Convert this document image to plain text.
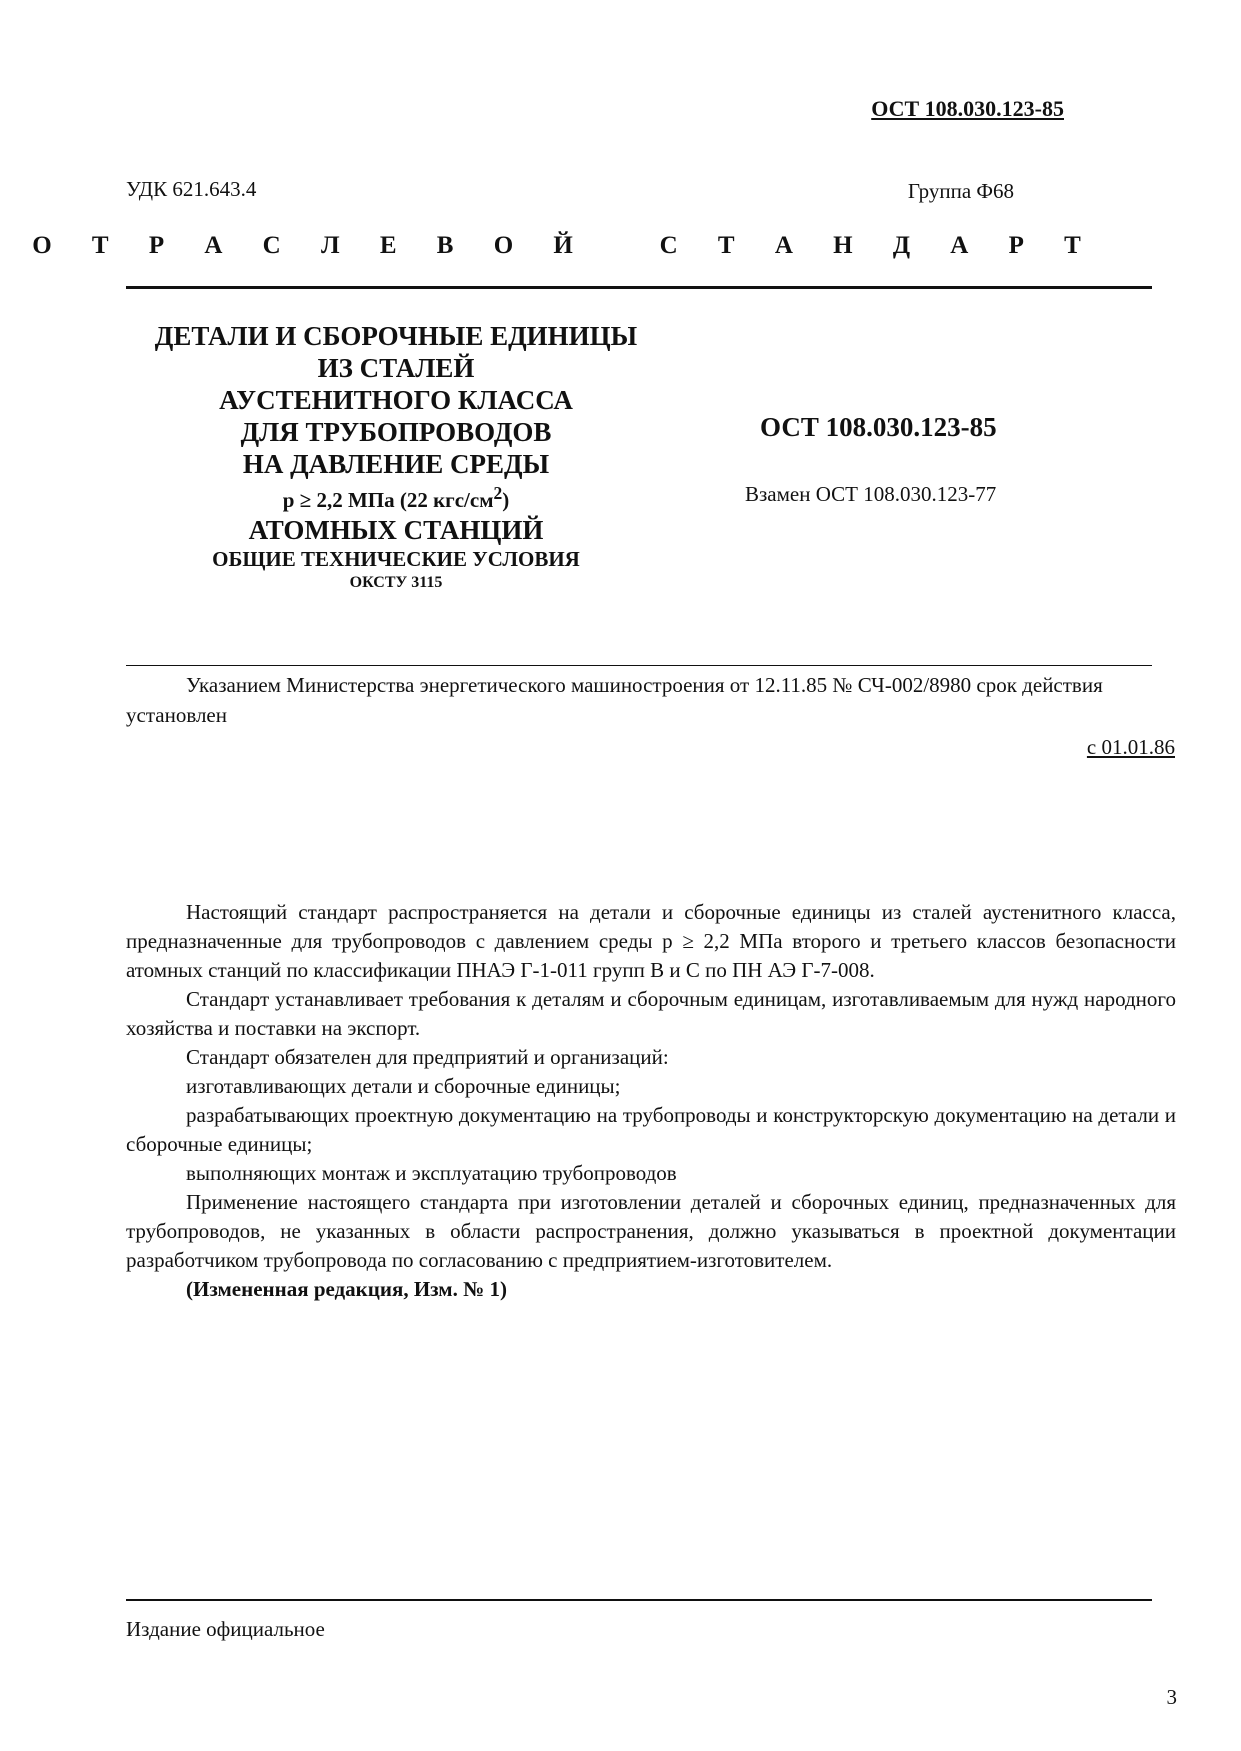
ОСТ 108.030.123-85
УДК 621.643.4	Группа Ф68
О Т Р А С Л Е В О Й   С Т А Н Д А Р Т
ДЕТАЛИ И СБОРОЧНЫЕ ЕДИНИЦЫ
ИЗ СТАЛЕЙ
АУСТЕНИТНОГО КЛАССА
ДЛЯ ТРУБОПРОВОДОВ
НА ДАВЛЕНИЕ СРЕДЫ
p ≥ 2,2 МПа (22 кгс/$см^2$)
АТОМНЫХ СТАНЦИЙ
ОБЩИЕ ТЕХНИЧЕСКИЕ УСЛОВИЯ
ОКСТУ 3115
ОСТ 108.030.123-85
Взамен ОСТ 108.030.123-77
Указанием Министерства энергетического машиностроения от 12.11.85 № СЧ-002/8980 срок действия установлен
с 01.01.86

Настоящий стандарт распространяется на детали и сборочные единицы из сталей аустенитного класса, предназначенные для трубопроводов с давлением среды p ≥ 2,2 МПа второго и третьего классов безопасности атомных станций по классификации ПНАЭ Г-1-011 групп В и С по ПН АЭ Г-7-008.

Стандарт устанавливает требования к деталям и сборочным единицам, изготавливаемым для нужд народного хозяйства и поставки на экспорт.

Стандарт обязателен для предприятий и организаций:

изготавливающих детали и сборочные единицы;

разрабатывающих проектную документацию на трубопроводы и конструкторскую документацию на детали и сборочные единицы;

выполняющих монтаж и эксплуатацию трубопроводов

Применение настоящего стандарта при изготовлении деталей и сборочных единиц, предназначенных для трубопроводов, не указанных в области распространения, должно указываться в проектной документации разработчиком трубопровода по согласованию с предприятием-изготовителем.

(Измененная редакция, Изм. № 1)

Издание официальное
3
